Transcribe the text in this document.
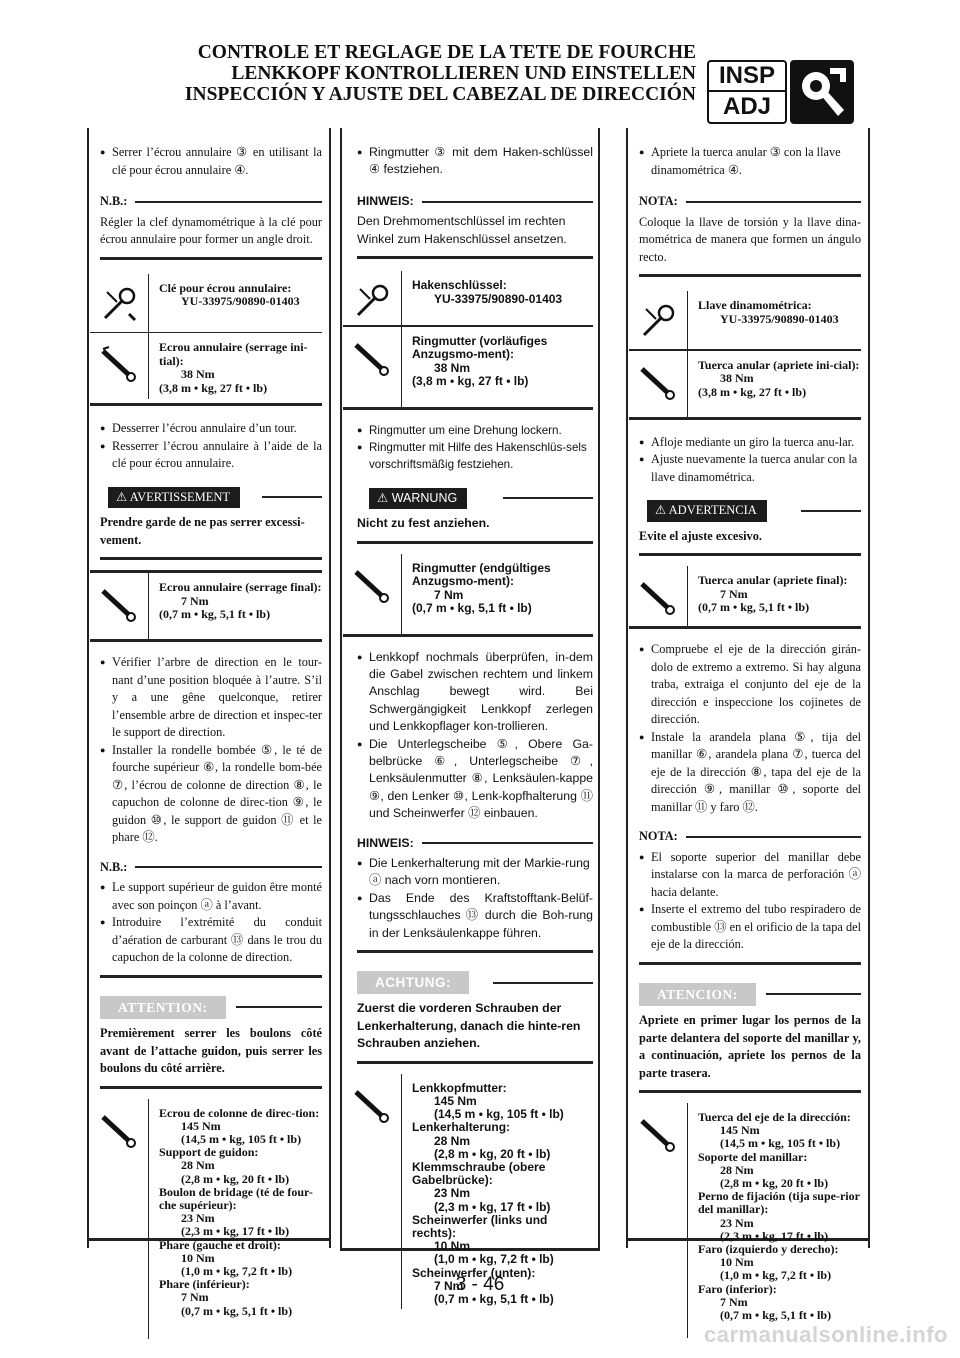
CONTROLE ET REGLAGE DE LA TETE DE FOURCHE
LENKKOPF KONTROLLIEREN UND EINSTELLEN
INSPECCIÓN Y AJUSTE DEL CABEZAL DE DIRECCIÓN
INSP
ADJ
● Serrer l’écrou annulaire ③ en utilisant la clé pour écrou annulaire ④.
N.B.:

Régler la clef dynamométrique à la clé pour écrou annulaire pour former un angle droit.

Clé pour écrou annulaire:
YU-33975/90890-01403
Ecrou annulaire (serrage ini-tial):
38 Nm
(3,8 m • kg, 27 ft • lb)
● Desserrer l’écrou annulaire d’un tour.
● Resserrer l’écrou annulaire à l’aide de la clé pour écrou annulaire.
⚠ AVERTISSEMENT

Prendre garde de ne pas serrer excessi-vement.

Ecrou annulaire (serrage final):
7 Nm
(0,7 m • kg, 5,1 ft • lb)
● Vérifier l’arbre de direction en le tour-nant d’une position bloquée à l’autre. S’il y a une gêne quelconque, retirer l’ensemble arbre de direction et inspec-ter le support de direction.
● Installer la rondelle bombée ⑤, le té de fourche supérieur ⑥, la rondelle bom-bée ⑦, l’écrou de colonne de direction ⑧, le capuchon de colonne de direc-tion ⑨, le guidon ⑩, le support de guidon ⑪ et le phare ⑫.
N.B.:
● Le support supérieur de guidon être monté avec son poinçon ⓐ à l’avant.
● Introduire l’extrémité du conduit d’aération de carburant ⑬ dans le trou du capuchon de la colonne de direction.
ATTENTION:

Premièrement serrer les boulons côté avant de l’attache guidon, puis serrer les boulons du côté arrière.

Ecrou de colonne de direc-tion:
145 Nm
(14,5 m • kg, 105 ft • lb)
Support de guidon:
28 Nm
(2,8 m • kg, 20 ft • lb)
Boulon de bridage (té de four-che supérieur):
23 Nm
(2,3 m • kg, 17 ft • lb)
Phare (gauche et droit):
10 Nm
(1,0 m • kg, 7,2 ft • lb)
Phare (inférieur):
7 Nm
(0,7 m • kg, 5,1 ft • lb)
● Ringmutter ③ mit dem Haken-schlüssel ④ festziehen.
HINWEIS:

Den Drehmomentschlüssel im rechten Winkel zum Hakenschlüssel ansetzen.

Hakenschlüssel:
YU-33975/90890-01403
Ringmutter (vorläufiges Anzugsmo-ment):
38 Nm
(3,8 m • kg, 27 ft • lb)
● Ringmutter um eine Drehung lockern.
● Ringmutter mit Hilfe des Hakenschlüs-sels vorschriftsmäßig festziehen.
⚠ WARNUNG

Nicht zu fest anziehen.

Ringmutter (endgültiges Anzugsmo-ment):
7 Nm
(0,7 m • kg, 5,1 ft • lb)
● Lenkkopf nochmals überprüfen, in-dem die Gabel zwischen rechtem und linkem Anschlag bewegt wird. Bei Schwergängigkeit Lenkkopf zerlegen und Lenkkopflager kon-trollieren.
● Die Unterlegscheibe ⑤, Obere Ga-belbrücke ⑥, Unterlegscheibe ⑦, Lenksäulenmutter ⑧, Lenksäulen-kappe ⑨, den Lenker ⑩, Lenk-kopfhalterung ⑪ und Scheinwerfer ⑫ einbauen.
HINWEIS:
● Die Lenkerhalterung mit der Markie-rung ⓐ nach vorn montieren.
● Das Ende des Kraftstofftank-Belüf-tungsschlauches ⑬ durch die Boh-rung in der Lenksäulenkappe führen.
ACHTUNG:

Zuerst die vorderen Schrauben der Lenkerhalterung, danach die hinte-ren Schrauben anziehen.

Lenkkopfmutter:
145 Nm
(14,5 m • kg, 105 ft • lb)
Lenkerhalterung:
28 Nm
(2,8 m • kg, 20 ft • lb)
Klemmschraube (obere Gabelbrücke):
23 Nm
(2,3 m • kg, 17 ft • lb)
Scheinwerfer (links und rechts):
10 Nm
(1,0 m • kg, 7,2 ft • lb)
Scheinwerfer (unten):
7 Nm
(0,7 m • kg, 5,1 ft • lb)
● Apriete la tuerca anular ③ con la llave dinamométrica ④.
NOTA:

Coloque la llave de torsión y la llave dina-mométrica de manera que formen un ángulo recto.

Llave dinamométrica:
YU-33975/90890-01403
Tuerca anular (apriete ini-cial):
38 Nm
(3,8 m • kg, 27 ft • lb)
● Afloje mediante un giro la tuerca anu-lar.
● Ajuste nuevamente la tuerca anular con la llave dinamométrica.
⚠ ADVERTENCIA

Evite el ajuste excesivo.

Tuerca anular (apriete final):
7 Nm
(0,7 m • kg, 5,1 ft • lb)
● Compruebe el eje de la dirección girán-dolo de extremo a extremo. Si hay alguna traba, extraiga el conjunto del eje de la dirección e inspeccione los cojinetes de dirección.
● Instale la arandela plana ⑤, tija del manillar ⑥, arandela plana ⑦, tuerca del eje de la dirección ⑧, tapa del eje de la dirección ⑨, manillar ⑩, soporte del manillar ⑪ y faro ⑫.
NOTA:
● El soporte superior del manillar debe instalarse con la marca de perforación ⓐ hacia delante.
● Inserte el extremo del tubo respiradero de combustible ⑬ en el orificio de la tapa del eje de la dirección.
ATENCION:

Apriete en primer lugar los pernos de la parte delantera del soporte del manillar y, a continuación, apriete los pernos de la parte trasera.

Tuerca del eje de la dirección:
145 Nm
(14,5 m • kg, 105 ft • lb)
Soporte del manillar:
28 Nm
(2,8 m • kg, 20 ft • lb)
Perno de fijación (tija supe-rior del manillar):
23 Nm
(2,3 m • kg, 17 ft • lb)
Faro (izquierdo y derecho):
10 Nm
(1,0 m • kg, 7,2 ft • lb)
Faro (inferior):
7 Nm
(0,7 m • kg, 5,1 ft • lb)
3 - 46
carmanualsonline.info
